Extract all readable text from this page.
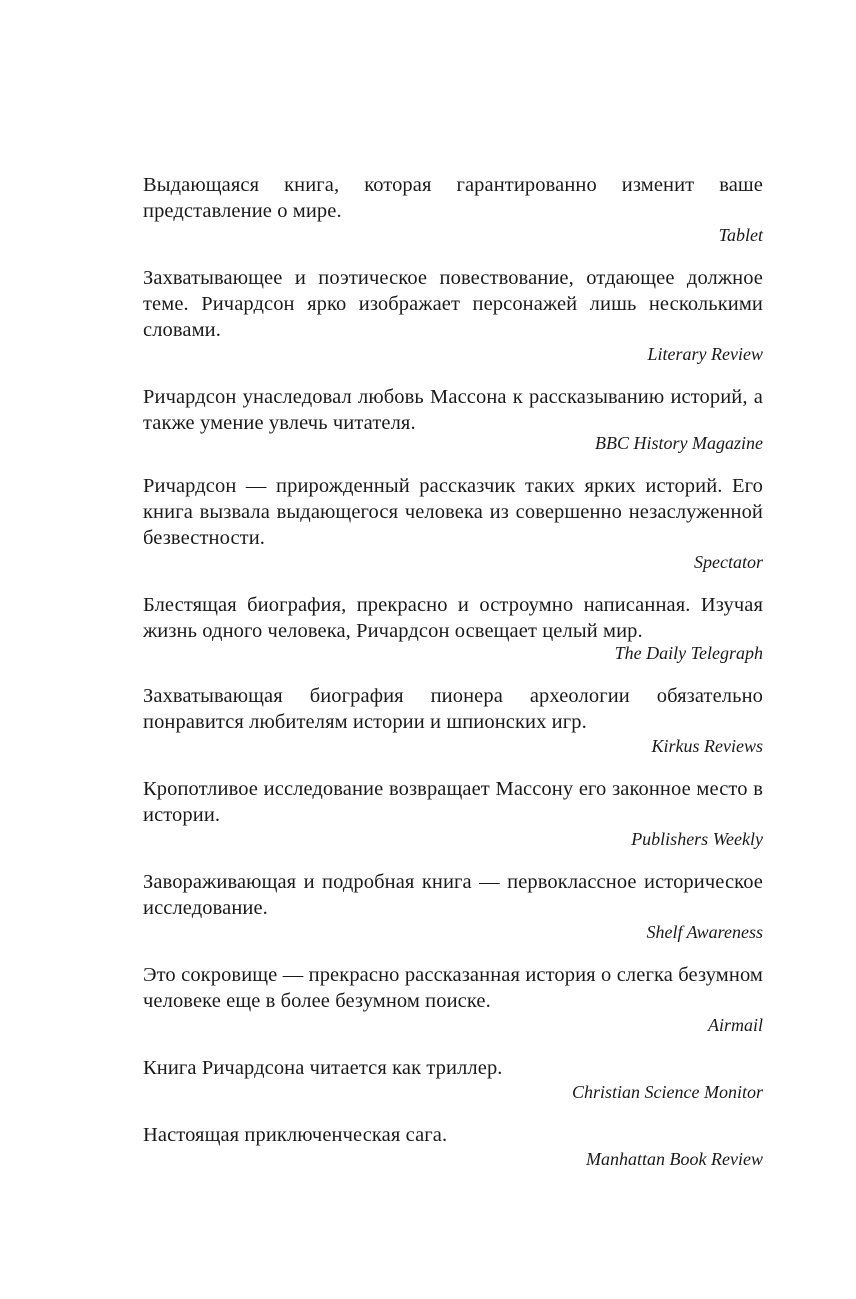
Выдающаяся книга, которая гарантированно изменит ваше представление о мире.

Tablet

Захватывающее и поэтическое повествование, отдающее должное теме. Ричардсон ярко изображает персонажей лишь несколькими словами.

Literary Review

Ричардсон унаследовал любовь Массона к рассказыванию историй, а также умение увлечь читателя.

BBC History Magazine

Ричардсон — прирожденный рассказчик таких ярких историй. Его книга вызвала выдающегося человека из совершенно незаслуженной безвестности.

Spectator

Блестящая биография, прекрасно и остроумно написанная. Изучая жизнь одного человека, Ричардсон освещает целый мир.

The Daily Telegraph

Захватывающая биография пионера археологии обязательно понравится любителям истории и шпионских игр.

Kirkus Reviews

Кропотливое исследование возвращает Массону его законное место в истории.

Publishers Weekly

Завораживающая и подробная книга — первоклассное историческое исследование.

Shelf Awareness

Это сокровище — прекрасно рассказанная история о слегка безумном человеке еще в более безумном поиске.

Airmail

Книга Ричардсона читается как триллер.

Christian Science Monitor

Настоящая приключенческая сага.

Manhattan Book Review
